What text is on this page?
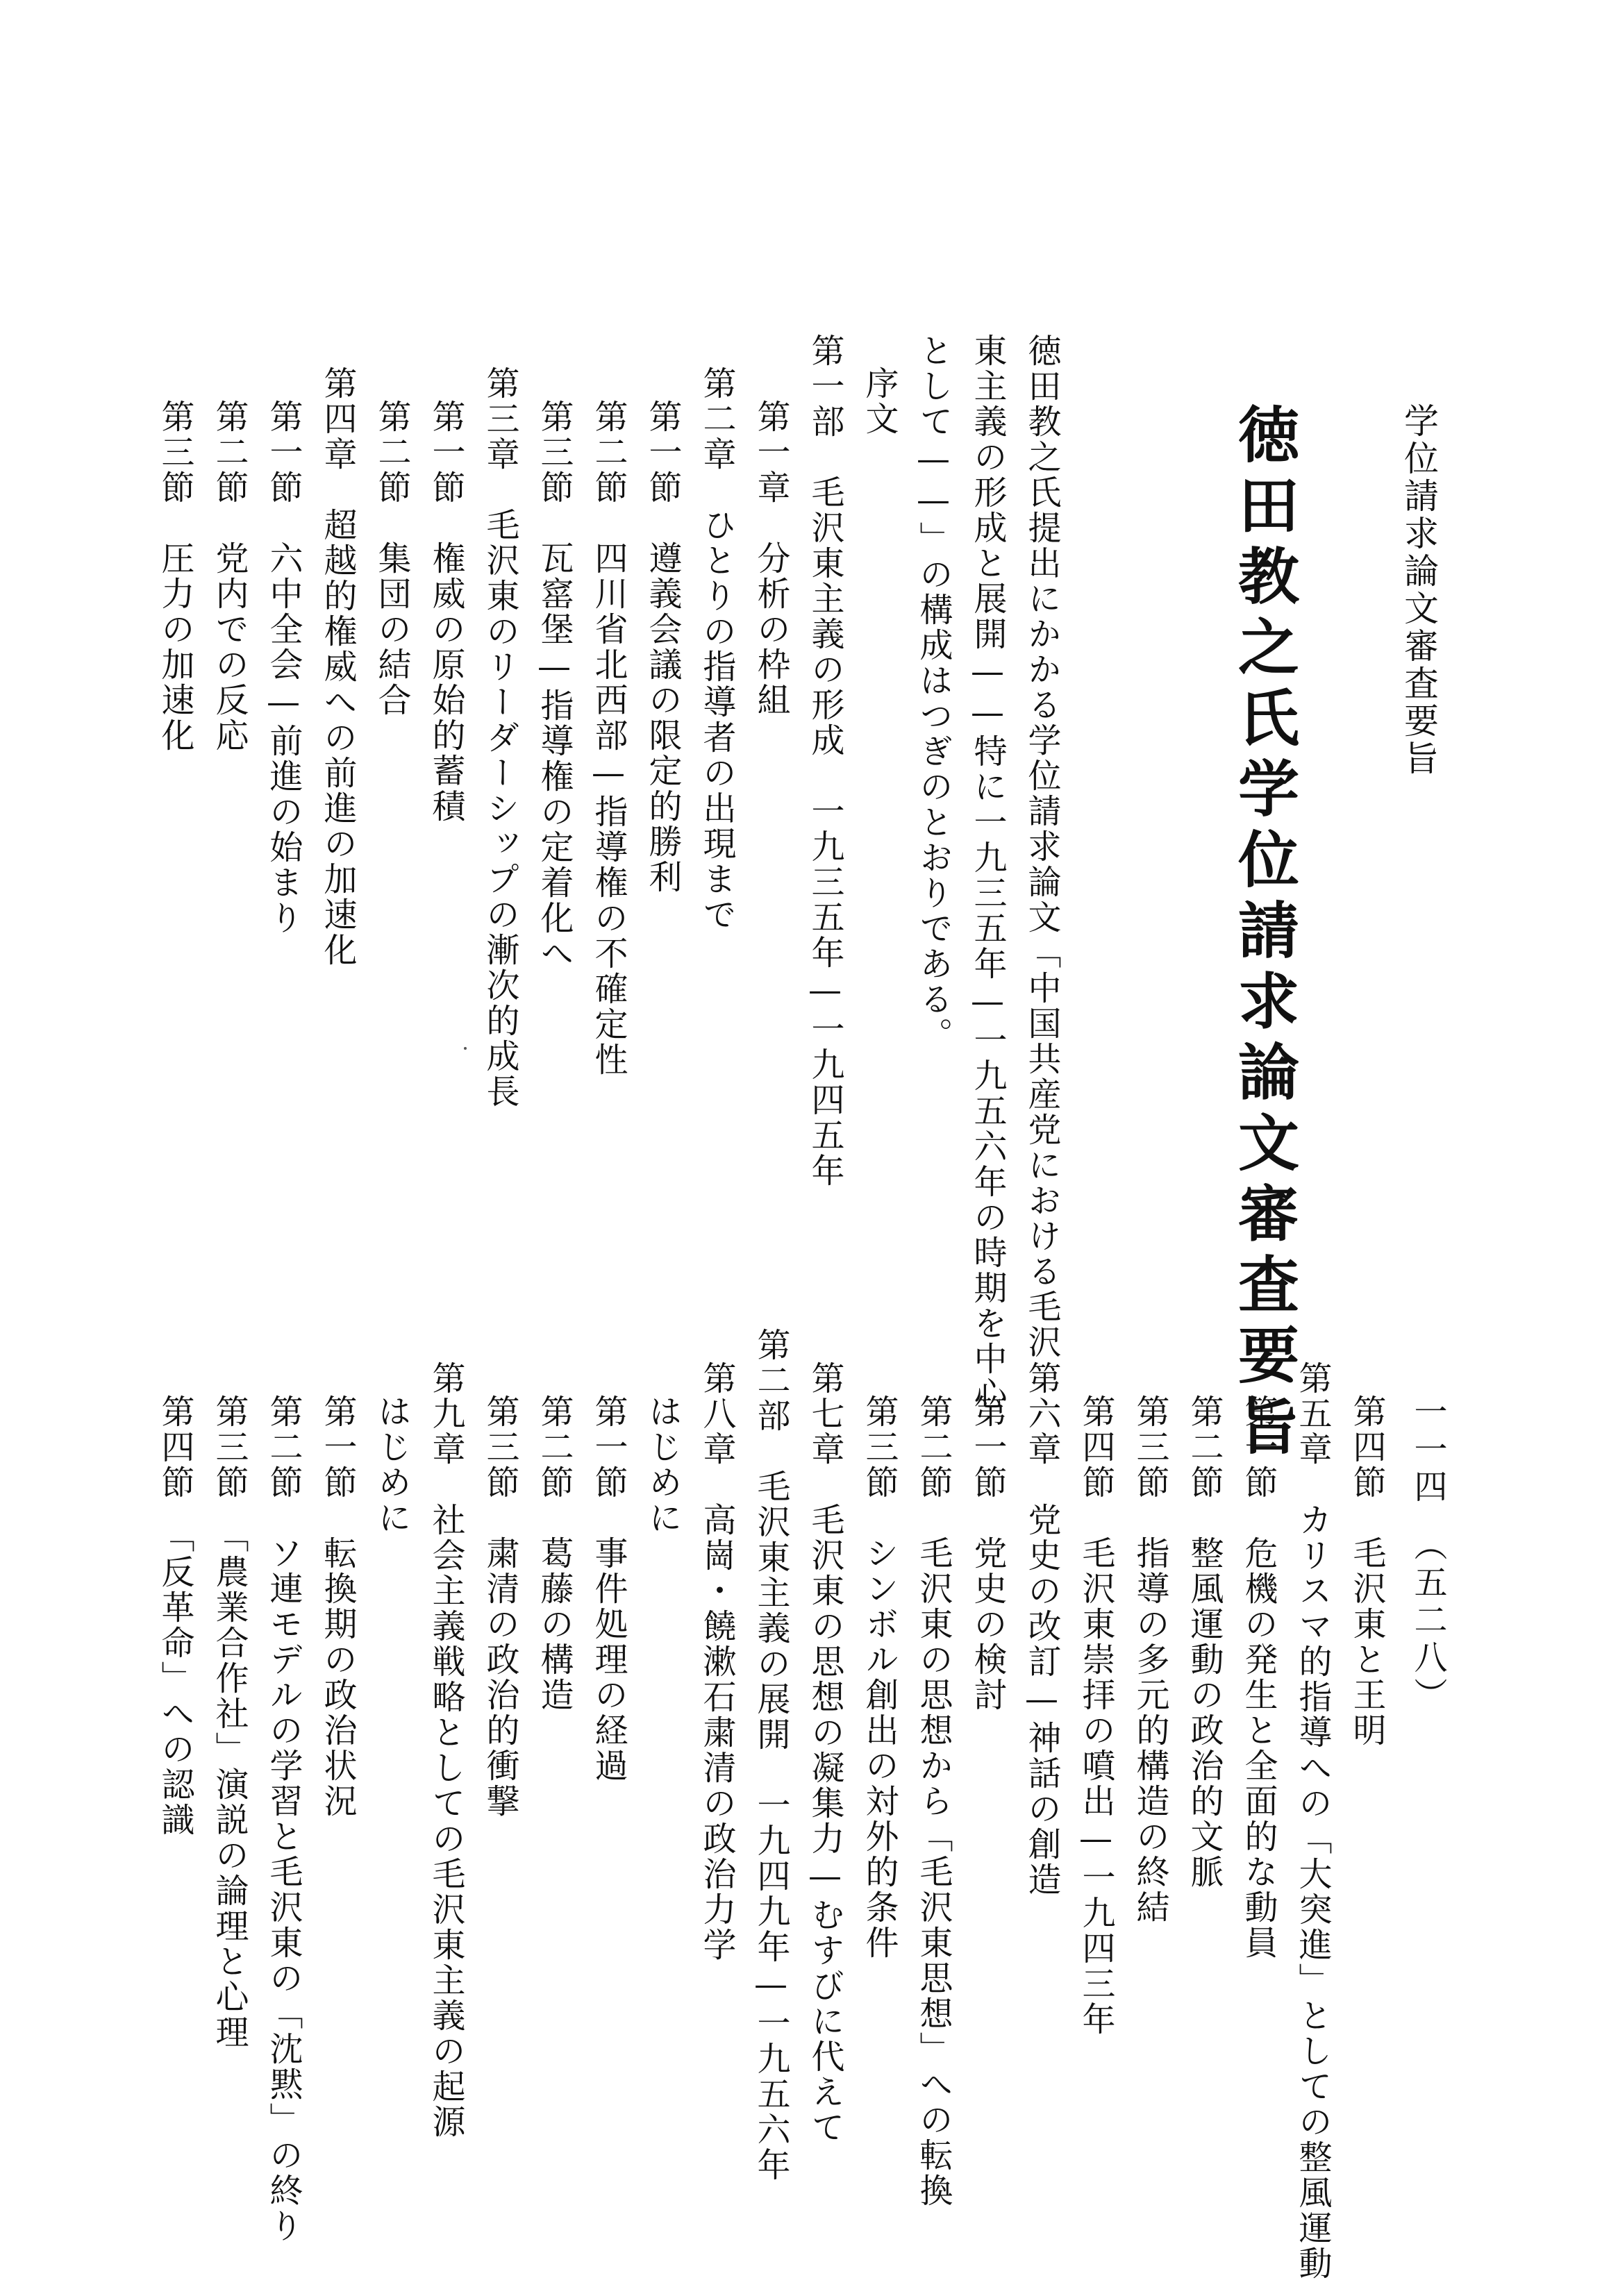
学位請求論文審査要旨
一一四　（五二八）
徳田教之氏学位請求論文審査要旨
徳田教之氏提出にかかる学位請求論文「中国共産党における毛沢
東主義の形成と展開——特に一九三五年—一九五六年の時期を中心
として——」の構成はつぎのとおりである。
序文
第一部　毛沢東主義の形成　一九三五年—一九四五年
第一章　分析の枠組
第二章　ひとりの指導者の出現まで
第一節　遵義会議の限定的勝利
第二節　四川省北西部—指導権の不確定性
第三節　瓦窰堡—指導権の定着化へ
第三章　毛沢東のリーダーシップの漸次的成長
第一節　権威の原始的蓄積
第二節　集団の結合
第四章　超越的権威への前進の加速化
第一節　六中全会—前進の始まり
第二節　党内での反応
第三節　圧力の加速化
第四節　毛沢東と王明
第五章　カリスマ的指導への「大突進」としての整風運動
第一節　危機の発生と全面的な動員
第二節　整風運動の政治的文脈
第三節　指導の多元的構造の終結
第四節　毛沢東崇拝の噴出—一九四三年
第六章　党史の改訂—神話の創造
第一節　党史の検討
第二節　毛沢東の思想から「毛沢東思想」への転換
第三節　シンボル創出の対外的条件
第七章　毛沢東の思想の凝集力—むすびに代えて
第二部　毛沢東主義の展開　一九四九年—一九五六年
第八章　高崗・饒漱石粛清の政治力学
はじめに
第一節　事件処理の経過
第二節　葛藤の構造
第三節　粛清の政治的衝撃
第九章　社会主義戦略としての毛沢東主義の起源
はじめに
第一節　転換期の政治状況
第二節　ソ連モデルの学習と毛沢東の「沈黙」の終り
第三節　「農業合作社」演説の論理と心理
第四節　「反革命」への認識
